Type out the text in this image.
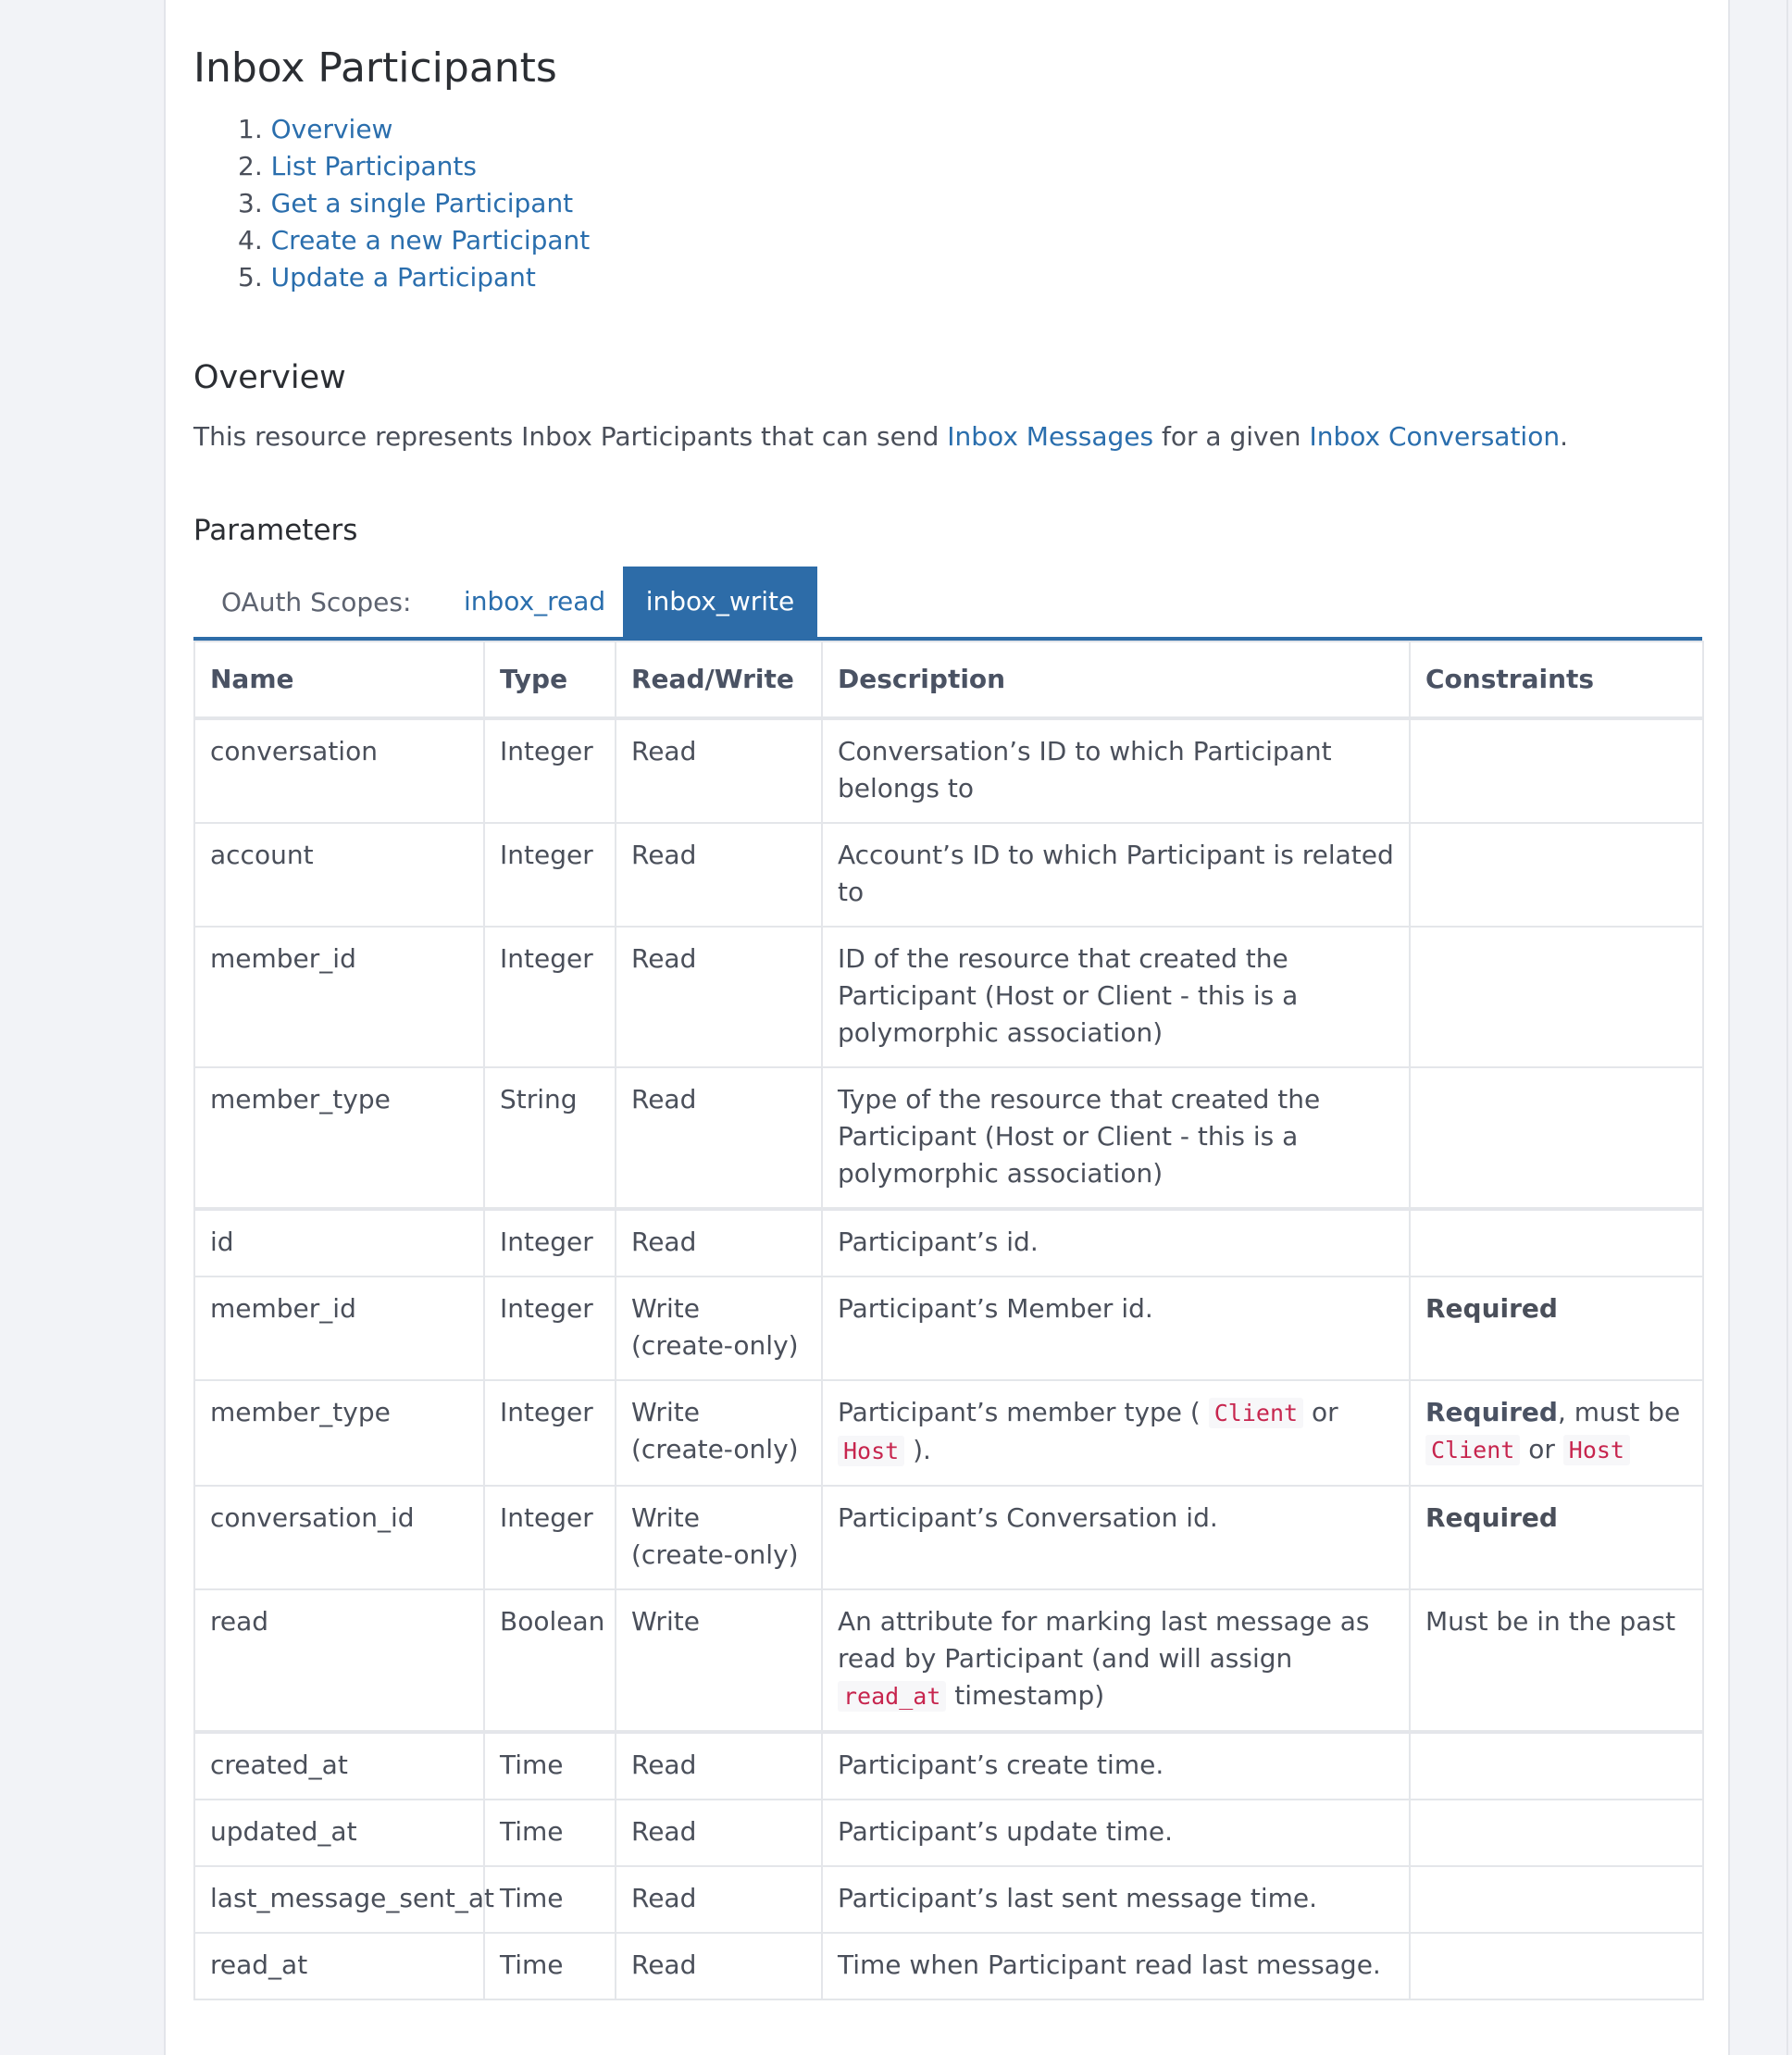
Inbox Participants
1. Overview
2. List Participants
3. Get a single Participant
4. Create a new Participant
5. Update a Participant
Overview

This resource represents Inbox Participants that can send Inbox Messages for a given Inbox Conversation.

Parameters
OAuth Scopes:	inbox_read	inbox_write
Name	Type	Read/Write	Description	Constraints
conversation	Integer	Read	Conversation’s ID to which Participant belongs to	
account	Integer	Read	Account’s ID to which Participant is related to	
member_id	Integer	Read	ID of the resource that created the Participant (Host or Client - this is a polymorphic association)	
member_type	String	Read	Type of the resource that created the Participant (Host or Client - this is a polymorphic association)	
id	Integer	Read	Participant’s id.	
member_id	Integer	Write (create-only)	Participant’s Member id.	Required
member_type	Integer	Write (create-only)	Participant’s member type ( Client or Host ).	Required, must be Client or Host
conversation_id	Integer	Write (create-only)	Participant’s Conversation id.	Required
read	Boolean	Write	An attribute for marking last message as read by Participant (and will assign read_at timestamp)	Must be in the past
created_at	Time	Read	Participant’s create time.	
updated_at	Time	Read	Participant’s update time.	
last_message_sent_at	Time	Read	Participant’s last sent message time.	
read_at	Time	Read	Time when Participant read last message.	
